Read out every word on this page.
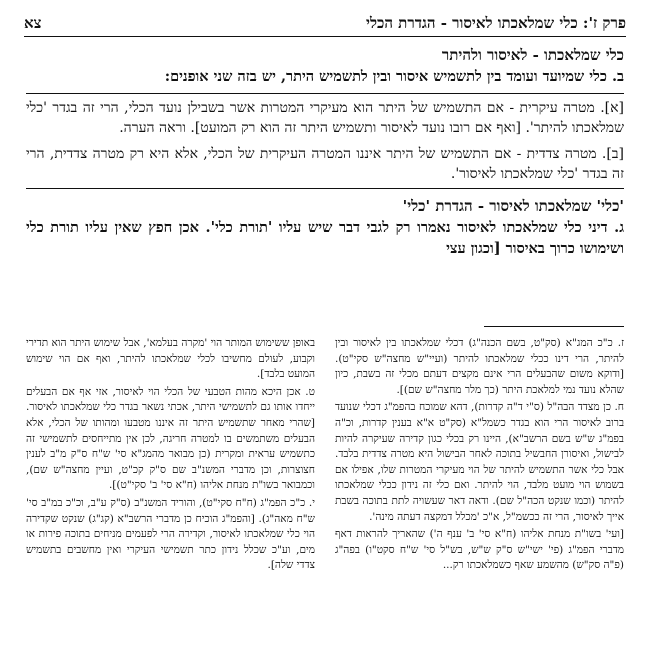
פרק ז': כלי שמלאכתו לאיסור - הגדרת הכלי
צא

כלי שמלאכתו - לאיסור ולהיתר

ב. כלי שמיועד ועומד בין לתשמיש איסור ובין לתשמיש היתר, יש בזה שני אופנים:

[א]. מטרה עיקרית - אם התשמיש של היתר הוא מעיקרי המטרות אשר בשבילן נועד הכלי, הרי זה בגדר 'כלי שמלאכתו להיתר'. [ואף אם רובו נועד לאיסור ותשמיש היתר זה הוא רק המועט]. וראה הערה.

[ב]. מטרה צדדית - אם התשמיש של היתר איננו המטרה העיקרית של הכלי, אלא היא רק מטרה צדדית, הרי זה בגדר 'כלי שמלאכתו לאיסור'.

'כלי' שמלאכתו לאיסור - הגדרת 'כלי'

ג. דיני כלי שמלאכתו לאיסור נאמרו רק לגבי דבר שיש עליו 'תורת כלי'. אכן חפץ שאין עליו תורת כלי ושימושו כרוך באיסור [וכגון עצי

ז. כ"כ המג"א (סק"ט, בשם הכנה"ג) דכלי שמלאכתו בין לאיסור ובין להיתר, הרי דינו ככלי שמלאכתו להיתר (ועיי"ש מחצה"ש סקי"ט). [ודוקא משום שהבעלים הרי אינם מקצים דעתם מכלי זה בשבת, כיון שהלא נועד נמי למלאכת היתר (כך מלר מחצה"ש שם)].

ח. כן מצדד הבה"ל (ס"י ד"ה קדרות), דהא שמוכח בהפמ"ג דכלי שנועד ברוב לאיסור הרי הוא בגדר כשמל"א (סק"ט א"א בענין קדרות, וכ"ה בפמ"ג ש"ש בשם הרשב"א), היינו רק בכלי כגון קדירה שעיקרה להיות לבישול, ואיסורן החבשיל בתוכה לאחר הבישול היא מטרה צדדית בלבד. אבל כלי אשר התשמיש להיתר של הוי מעיקרי המטרות שלו, אפילו אם בשמוש הוי מועט מלבד, הוי להיתר. ואם כלי זה נידון ככלי שמלאכתו להיתר (וכמו שנקט הכה"ל שם). ודאה דאר שעשויה לתת בתוכה בשבת אייך לאיסור, הרי זה ככשמ"ל, א"כ 'מכלל דמקצה דעתה מינה'.

[ועי' בשו"ת מנחת אליהו (ח"א סי' ב' ענף ה') שהאריך להראות דאף מדברי הפמ"ג (פי' ישי"ש ס"ק ש"ש, בש"ל סי' ש"ח סקט"ו) בפה"ג (פ"ה סק"ש) מהשמע שאף כשמלאכתו רק...

באופן ששימוש המותר הוי 'מקרה בעלמא', אבל שימוש היתר הוא תדירי וקבוע, לעולם מחשיבו לכלי שמלאכתו להיתר, ואף אם הוי שימוש המועט בלבד].

ט. אכן היכא מהות הטבעי של הכלי הוי לאיסור, אזי אף אם הבעלים ייחדו אותו גם לתשמישי היתר, אכתי נשאר בגדר כלי שמלאכתו לאיסור. [שהרי מאחר שתשמיש היתר זה איננו מטבעו ומהותו של הכלי, אלא הבעלים משתמשים בו למטרה חריגה, לכן אין מתייחסים לתשמישי זה כתשמיש עראית ומקרית (כן מבואר מהמג"א סי' ש"ח ס"ק מ"ב לענין חצוצרות, וכן מדברי המשנ"ב שם ס"ק קכ"ט, ועיין מחצה"ש שם), וכמבואר בשו"ת מנחת אליהו (ח"א סי' ב' סקי"ט)].

י. כ"כ הפמ"ג (ח"ח סקי"ט), והוריד המשנ"ב (ס"ק ע"ב, וכ"כ במ"ב סי' ש"ח מאה"ג). [והפמ"ג הוכיח כן מדברי הרשב"א (קג"ג) שנקט שקדירה הוי כלי שמלאכתו לאיסור, וקדירה הרי לפעמים מניחים בתוכה פירות או מים, וע"כ שכלל נידון כתר תשמישי העיקרי ואין מחשבים בתשמיש צדדי שלה].
